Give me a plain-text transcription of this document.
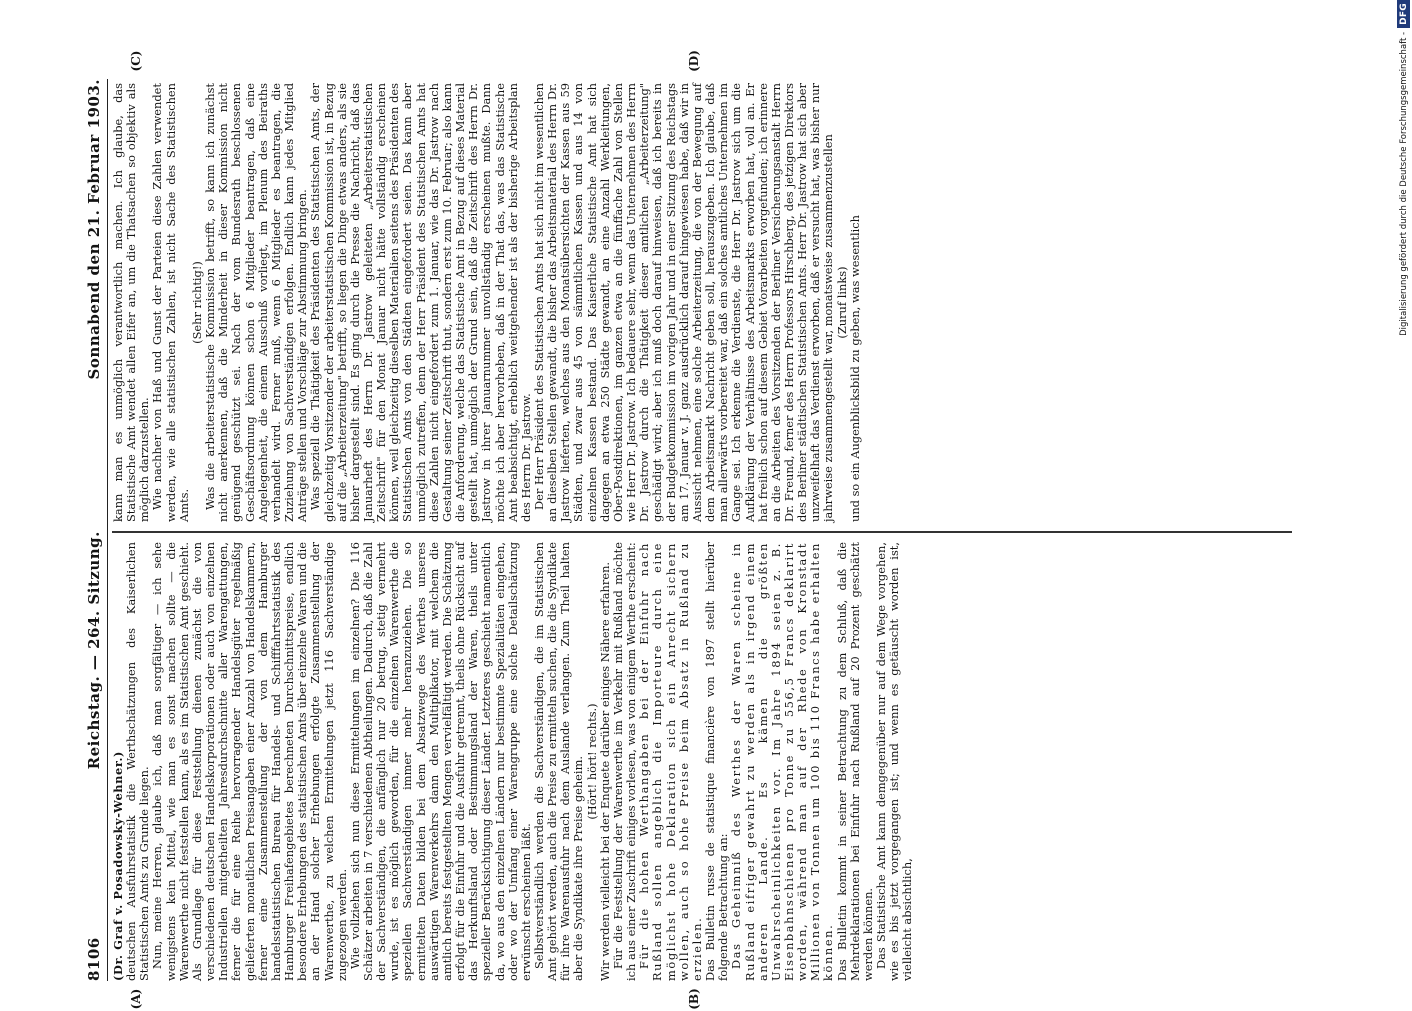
8106
Reichstag. — 264. Sitzung.
Sonnabend den 21. Februar 1903.

(Dr. Graf v. Posadowsky-Wehner.) deutschen Ausfuhrstatistik die Werthschätzungen des Kaiserlichen Statistischen Amts zu Grunde liegen. Nun, meine Herren, glaube ich, daß man sorgfältiger — ich sehe wenigstens kein Mittel, wie man es sonst machen sollte — die Warenwerthe nicht feststellen kann, als es im Statistischen Amt geschieht. Als Grundlage für diese Feststellung dienen zunächst die von verschiedenen deutschen Handelskorporationen oder auch von einzelnen Industriellen mitgetheilten Jahresdurchschnitte aller Warengattungen, ferner die für eine Reihe hervorragender Handelsgüter regelmäßig gelieferten monatlichen Preisangaben einer Anzahl von Handelskammern, ferner eine Zusammenstellung der von dem Hamburger handelsstatistischen Bureau für Handels- und Schifffahrtsstatistik des Hamburger Freihafengebietes berechneten Durchschnittspreise, endlich besondere Erhebungen des statistischen Amts über einzelne Waren und die an der Hand solcher Erhebungen erfolgte Zusammenstellung der Warenwerthe, zu welchen Ermittelungen jetzt 116 Sachverständige zugezogen werden. Wie vollziehen sich nun diese Ermittelungen im einzelnen? Die 116 Schätzer arbeiten in 7 verschiedenen Abtheilungen. Dadurch, daß die Zahl der Sachverständigen, die anfänglich nur 20 betrug, stetig vermehrt wurde, ist es möglich geworden, für die einzelnen Warenwerthe die speziellen Sachverständigen immer mehr heranzuziehen. Die so ermittelten Daten bilden bei dem Absatzwege des Werthes unseres auswärtigen Warenverkehrs dann den Multiplikator, mit welchem die amtlich bereits festgestellten Mengen vervielfältigt werden. Die Schätzung erfolgt für die Einfuhr und die Ausfuhr getrennt, theils ohne Rücksicht auf das Herkunftsland oder Bestimmungsland der Waren, theils unter spezieller Berücksichtigung dieser Länder. Letzteres geschieht namentlich da, wo aus den einzelnen Ländern nur bestimmte Spezialitäten eingehen, oder wo der Umfang einer Warengruppe eine solche Detailschätzung erwünscht erscheinen läßt. Selbstverständlich werden die Sachverständigen, die im Statistischen Amt gehört werden, auch die Preise zu ermitteln suchen, die die Syndikate für ihre Warenausfuhr nach dem Auslande verlangen. Zum Theil halten aber die Syndikate ihre Preise geheim. (Hört! hört! rechts.) Wir werden vielleicht bei der Enquete darüber einiges Nähere erfahren. Für die Feststellung der Warenwerthe im Verkehr mit Rußland möchte ich aus einer Zuschrift einiges vorlesen, was von einigem Werthe erscheint: Für die hohen Werthangaben bei der Einfuhr nach Rußland sollen angeblich die Importeure durch eine möglichst hohe Deklaration sich ein Anrecht sichern wollen, auch so hohe Preise beim Absatz in Rußland zu erzielen. Das Bulletin russe de statistique financière von 1897 stellt hierüber folgende Betrachtung an: Das Geheimniß des Werthes der Waren scheine in Rußland eifriger gewahrt zu werden als in irgend einem anderen Lande. Es kämen die größten Unwahrscheinlichkeiten vor. Im Jahre 1894 seien z. B. Eisenbahnschienen pro Tonne zu 556,5 Francs deklarirt worden, während man auf der Rhede von Kronstadt Millionen von Tonnen um 100 bis 110 Francs habe erhalten können. Das Bulletin kommt in seiner Betrachtung zu dem Schluß, daß die Mehrdeklarationen bei Einfuhr nach Rußland auf 20 Prozent geschätzt werden können. Das Statistische Amt kann demgegenüber nur auf dem Wege vorgehen, wie es bis jetzt vorgegangen ist; und wenn es getäuscht worden ist, vielleicht absichtlich,

kann man es unmöglich verantwortlich machen. Ich glaube, das Statistische Amt wendet allen Eifer an, um die Thatsachen so objektiv als möglich darzustellen. Wie nachher von Haß und Gunst der Parteien diese Zahlen verwendet werden, wie alle statistischen Zahlen, ist nicht Sache des Statistischen Amts.

(Sehr richtig!) Was die arbeiterstatistische Kommission betrifft, so kann ich zunächst nicht anerkennen, daß die Minderheit in dieser Kommission nicht genügend geschützt sei. Nach der vom Bundesrath beschlossenen Geschäftsordnung können schon 6 Mitglieder beantragen, daß eine Angelegenheit, die einem Ausschuß vorliegt, im Plenum des Beiraths verhandelt wird. Ferner muß, wenn 6 Mitglieder es beantragen, die Zuziehung von Sachverständigen erfolgen. Endlich kann jedes Mitglied Anträge stellen und Vorschläge zur Abstimmung bringen. Was speziell die Thätigkeit des Präsidenten des Statistischen Amts, der gleichzeitig Vorsitzender der arbeiterstatistischen Kommission ist, in Bezug auf die „Arbeiterzeitung" betrifft, so liegen die Dinge etwas anders, als sie bisher dargestellt sind. Es ging durch die Presse die Nachricht, daß das Januarheft des Herrn Dr. Jastrow geleiteten „Arbeiterstatistischen Zeitschrift" für den Monat Januar nicht hätte vollständig erscheinen können, weil gleichzeitig dieselben Materialien seitens des Präsidenten des Statistischen Amts von den Städten eingefordert seien. Das kann aber unmöglich zutreffen, denn der Herr Präsident des Statistischen Amts hat diese Zahlen nicht eingefordert zum 1. Januar, wie das Dr. Jastrow nach Gestaltung seiner Zeitschrift thut, sondern erst zum 10. Februar; also kann die Anforderung, welche das Statistische Amt in Bezug auf dieses Material gestellt hat, unmöglich der Grund sein, daß die Zeitschrift des Herrn Dr. Jastrow in ihrer Januarnummer unvollständig erscheinen mußte. Dann möchte ich aber hervorheben, daß in der That das, was das Statistische Amt beabsichtigt, erheblich weitgehender ist als der bisherige Arbeitsplan des Herrn Dr. Jastrow. Der Herr Präsident des Statistischen Amts hat sich nicht im wesentlichen an dieselben Stellen gewandt, die bisher das Arbeitsmaterial des Herrn Dr. Jastrow lieferten, welches aus den Monatsübersichten der Kassen aus 59 Städten, und zwar aus 45 von sämmtlichen Kassen und aus 14 von einzelnen Kassen bestand. Das Kaiserliche Statistische Amt hat sich dagegen an etwa 250 Städte gewandt, an eine Anzahl Werkleitungen, Ober-Postdirektionen, im ganzen etwa an die fünffache Zahl von Stellen wie Herr Dr. Jastrow. Ich bedauere sehr, wenn das Unternehmen des Herrn Dr. Jastrow durch die Thätigkeit dieser amtlichen „Arbeiterzeitung" geschädigt wird; aber ich muß doch darauf hinweisen, daß ich bereits in der Budgetkommission im vorigen Jahr und in einer Sitzung des Reichstags am 17. Januar v. J. ganz ausdrücklich darauf hingewiesen habe, daß wir in Aussicht nehmen, eine solche Arbeiterzeitung, die von der Bewegung auf dem Arbeitsmarkt Nachricht geben soll, herauszugeben. Ich glaube, daß man allerwärts vorbereitet war, daß ein solches amtliches Unternehmen im Gange sei. Ich erkenne die Verdienste, die Herr Dr. Jastrow sich um die Aufklärung der Verhältnisse des Arbeitsmarkts erworben hat, voll an. Er hat freilich schon auf diesem Gebiet Vorarbeiten vorgefunden; ich erinnere an die Arbeiten des Vorsitzenden der Berliner Versicherungsanstalt Herrn Dr. Freund, ferner des Herrn Professors Hirschberg, des jetzigen Direktors des Berliner städtischen Statistischen Amts. Herr Dr. Jastrow hat sich aber unzweifelhaft das Verdienst erworben, daß er versucht hat, was bisher nur jahrweise zusammengestellt war, monatsweise zusammenzustellen (Zuruf links) und so ein Augenblicksbild zu geben, was wesentlich

(A)	(B)
(C)	(D)	Digitalisierung gefördert durch die Deutsche Forschungsgemeinschaft -
DFG
